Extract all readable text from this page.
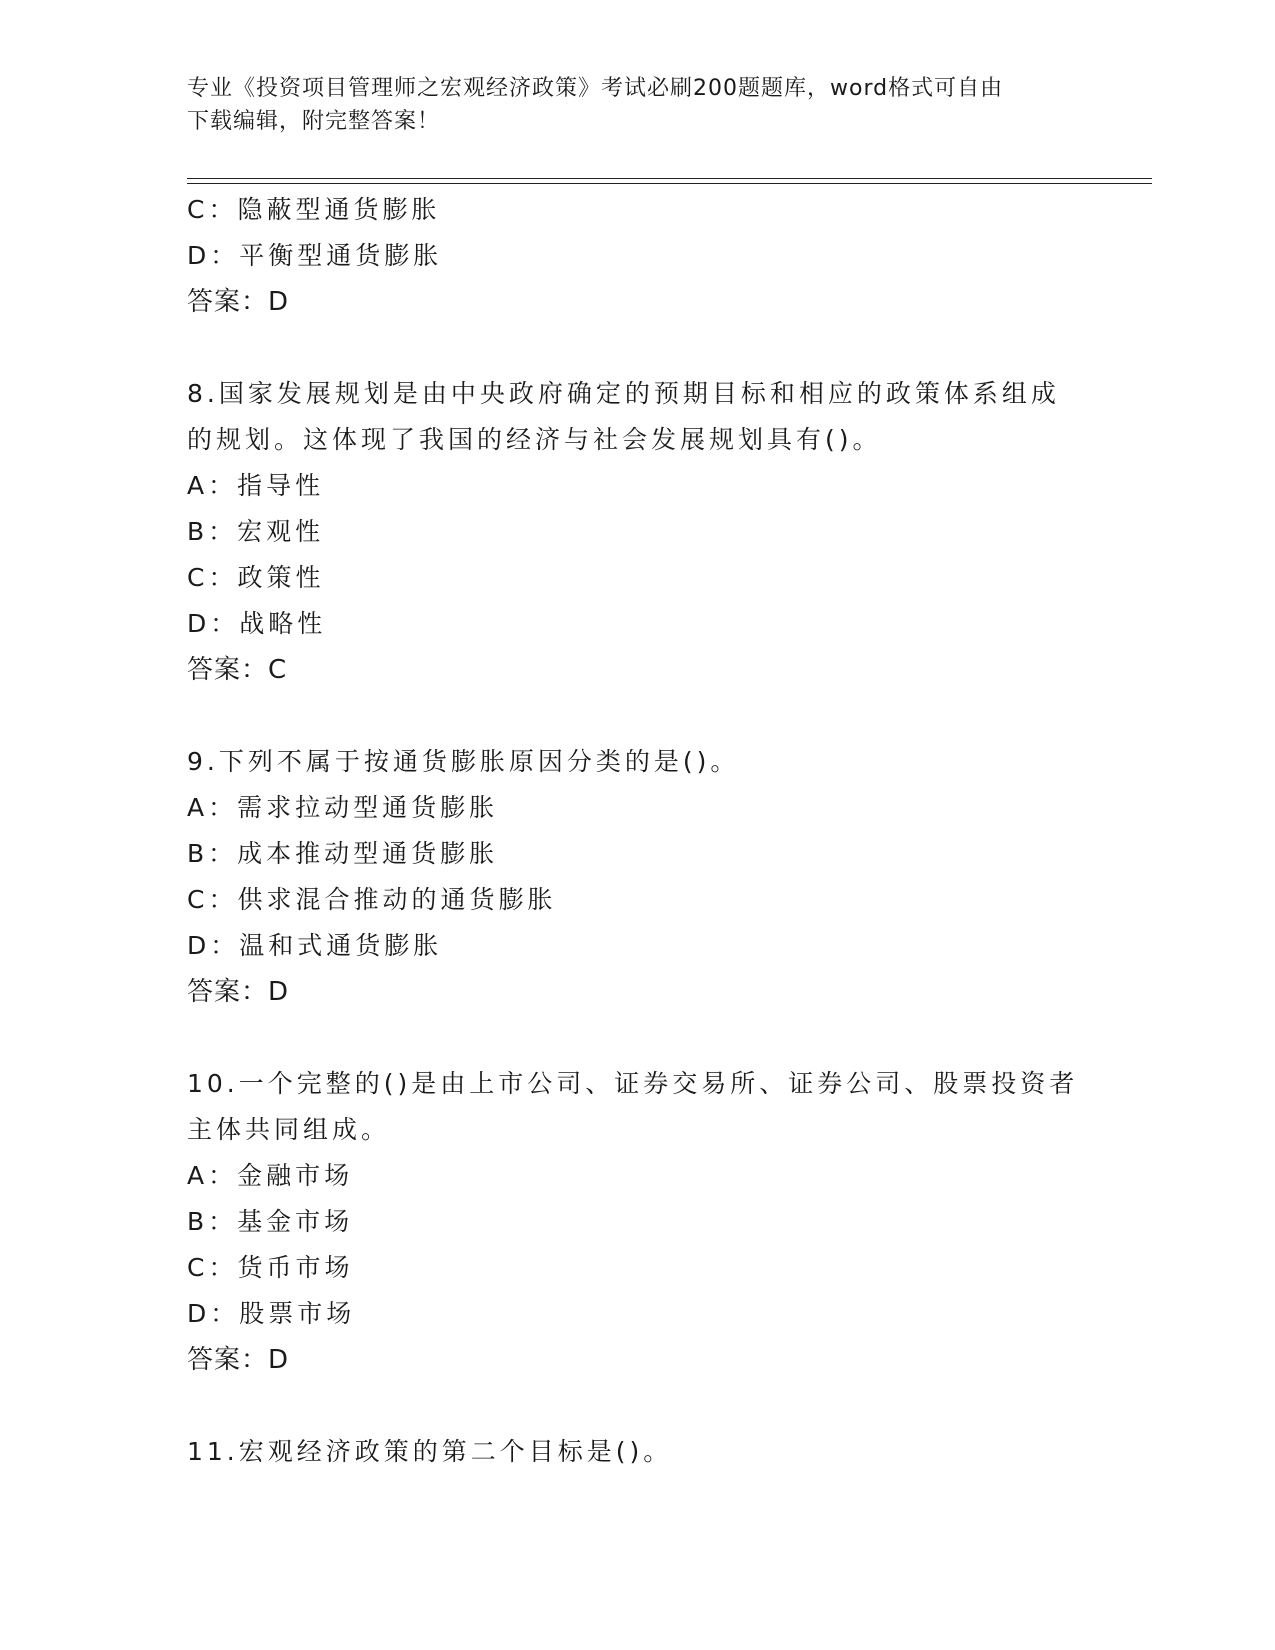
专业《投资项目管理师之宏观经济政策》考试必刷200题题库，word格式可自由
下载编辑，附完整答案！
C：隐蔽型通货膨胀
D：平衡型通货膨胀
答案：D
8.国家发展规划是由中央政府确定的预期目标和相应的政策体系组成
的规划。这体现了我国的经济与社会发展规划具有()。
A：指导性
B：宏观性
C：政策性
D：战略性
答案：C
9.下列不属于按通货膨胀原因分类的是()。
A：需求拉动型通货膨胀
B：成本推动型通货膨胀
C：供求混合推动的通货膨胀
D：温和式通货膨胀
答案：D
10.一个完整的()是由上市公司、证券交易所、证券公司、股票投资者
主体共同组成。
A：金融市场
B：基金市场
C：货币市场
D：股票市场
答案：D
11.宏观经济政策的第二个目标是()。
